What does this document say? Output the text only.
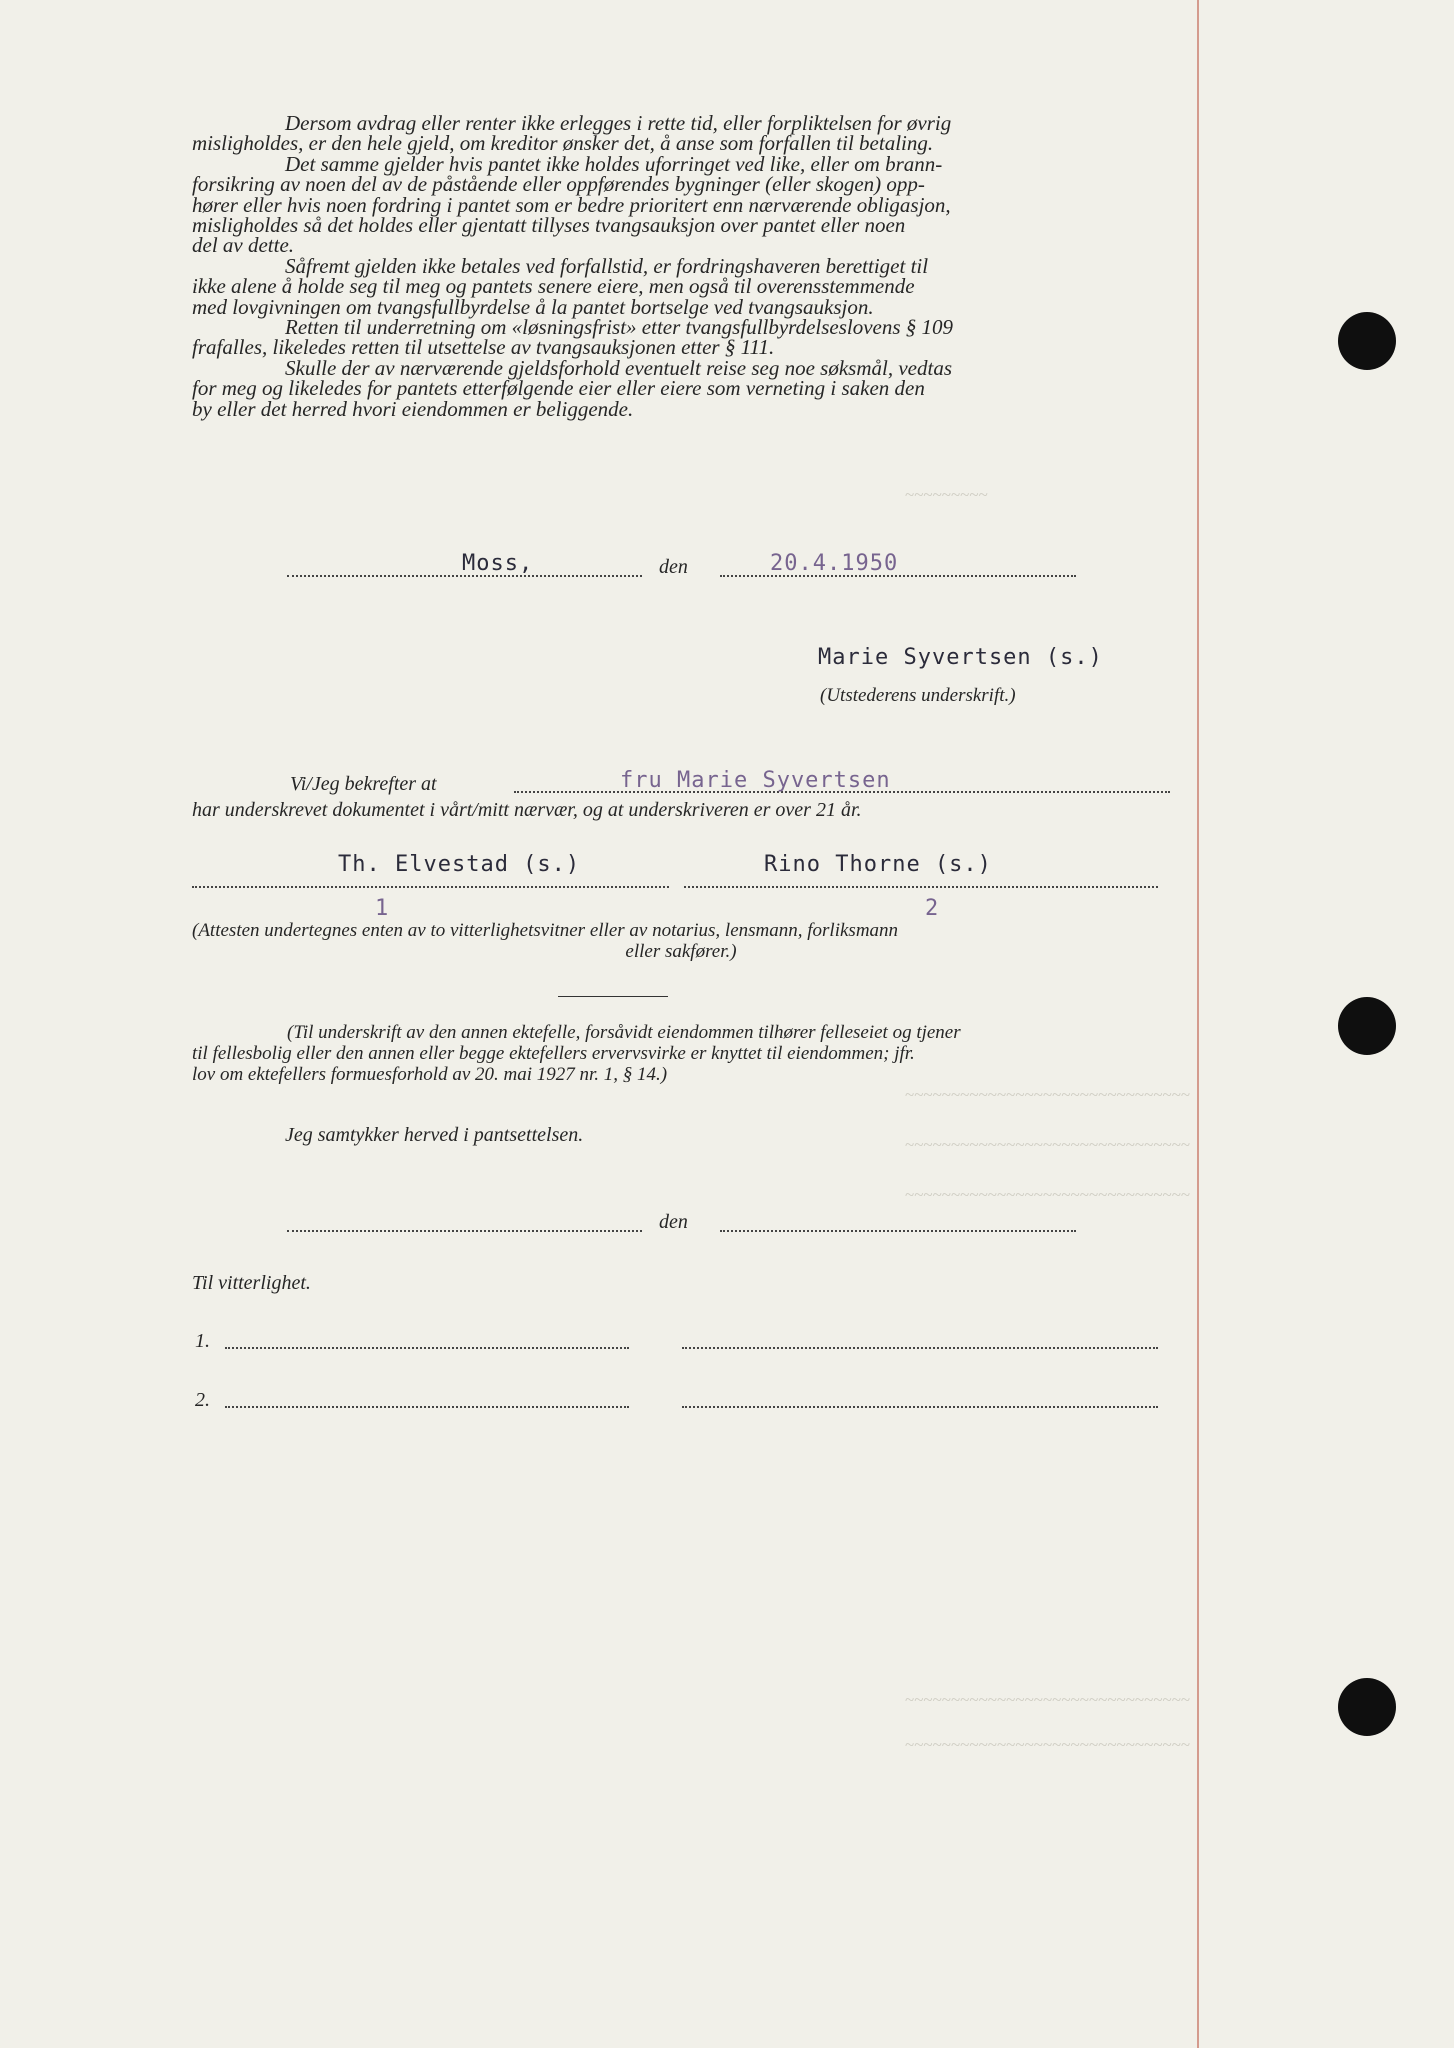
~~~~~~~~~
~~~~~~~~~~~~~~~~~~~~~~~~~~~~~~~
~~~~~~~~~~~~~~~~~~~~~~~~~~~~~~~
~~~~~~~~~~~~~~~~~~~~~~~~~~~~~~~
~~~~~~~~~~~~~~~~~~~~~~~~~~~~~~~
~~~~~~~~~~~~~~~~~~~~~~~~~~~~~~~
Dersom avdrag eller renter ikke erlegges i rette tid, eller forpliktelsen for øvrig
misligholdes, er den hele gjeld, om kreditor ønsker det, å anse som forfallen til betaling.
Det samme gjelder hvis pantet ikke holdes uforringet ved like, eller om brann-
forsikring av noen del av de påstående eller oppførendes bygninger (eller skogen) opp-
hører eller hvis noen fordring i pantet som er bedre prioritert enn nærværende obligasjon,
misligholdes så det holdes eller gjentatt tillyses tvangsauksjon over pantet eller noen
del av dette.
Såfremt gjelden ikke betales ved forfallstid, er fordringshaveren berettiget til
ikke alene å holde seg til meg og pantets senere eiere, men også til overensstemmende
med lovgivningen om tvangsfullbyrdelse å la pantet bortselge ved tvangsauksjon.
Retten til underretning om «løsningsfrist» etter tvangsfullbyrdelseslovens § 109
frafalles, likeledes retten til utsettelse av tvangsauksjonen etter § 111.
Skulle der av nærværende gjeldsforhold eventuelt reise seg noe søksmål, vedtas
for meg og likeledes for pantets etterfølgende eier eller eiere som verneting i saken den
by eller det herred hvori eiendommen er beliggende.
Moss,	den	20.4.1950
Marie Syvertsen (s.)
(Utstederens underskrift.)
Vi/Jeg bekrefter at	fru Marie Syvertsen
har underskrevet dokumentet i vårt/mitt nærvær, og at underskriveren er over 21 år.
Th. Elvestad (s.)	Rino Thorne (s.)
1	2
(Attesten undertegnes enten av to vitterlighetsvitner eller av notarius, lensmann, forliksmann
eller sakfører.)
(Til underskrift av den annen ektefelle, forsåvidt eiendommen tilhører felleseiet og tjener
til fellesbolig eller den annen eller begge ektefellers ervervsvirke er knyttet til eiendommen; jfr.
lov om ektefellers formuesforhold av 20. mai 1927 nr. 1, § 14.)
Jeg samtykker herved i pantsettelsen.
den
Til vitterlighet.
1.
2.
